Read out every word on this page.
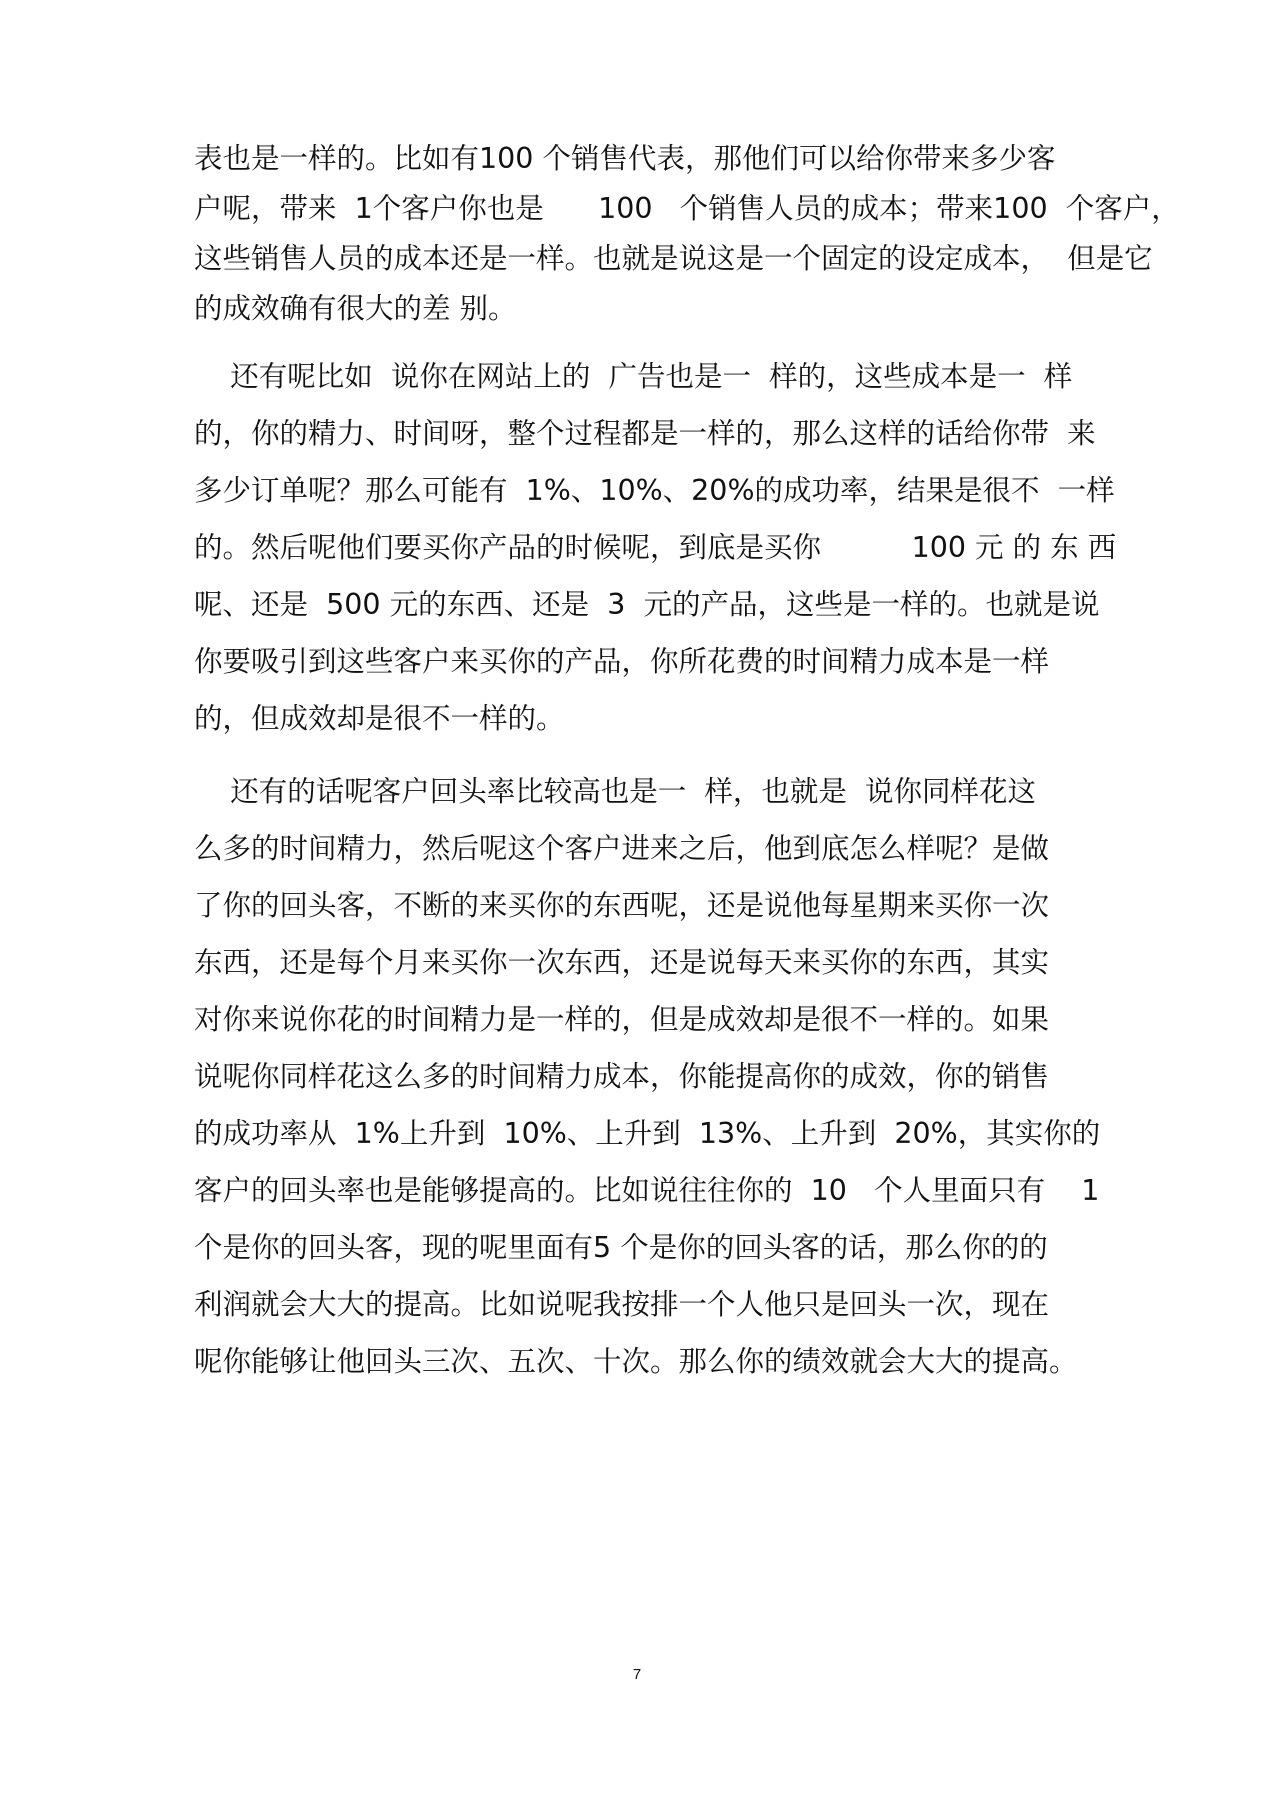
表也是一样的。比如有100 个销售代表，那他们可以给你带来多少客
户呢，带来  1个客户你也是      100   个销售人员的成本；带来100  个客户，
这些销售人员的成本还是一样。也就是说这是一个固定的设定成本，  但是它
的成效确有很大的差 别。
还有呢比如  说你在网站上的  广告也是一  样的，这些成本是一  样
的，你的精力、时间呀，整个过程都是一样的，那么这样的话给你带  来
多少订单呢？那么可能有  1%、10%、20%的成功率，结果是很不  一样
的。然后呢他们要买你产品的时候呢，到底是买你          100 元 的 东 西
呢、还是  500 元的东西、还是  3  元的产品，这些是一样的。也就是说
你要吸引到这些客户来买你的产品，你所花费的时间精力成本是一样
的，但成效却是很不一样的。
还有的话呢客户回头率比较高也是一  样，也就是  说你同样花这
么多的时间精力，然后呢这个客户进来之后，他到底怎么样呢？是做
了你的回头客，不断的来买你的东西呢，还是说他每星期来买你一次
东西，还是每个月来买你一次东西，还是说每天来买你的东西，其实
对你来说你花的时间精力是一样的，但是成效却是很不一样的。如果
说呢你同样花这么多的时间精力成本，你能提高你的成效，你的销售
的成功率从  1%上升到  10%、上升到  13%、上升到  20%，其实你的
客户的回头率也是能够提高的。比如说往往你的  10   个人里面只有    1
个是你的回头客，现的呢里面有5 个是你的回头客的话，那么你的的
利润就会大大的提高。比如说呢我按排一个人他只是回头一次，现在
呢你能够让他回头三次、五次、十次。那么你的绩效就会大大的提高。
7
